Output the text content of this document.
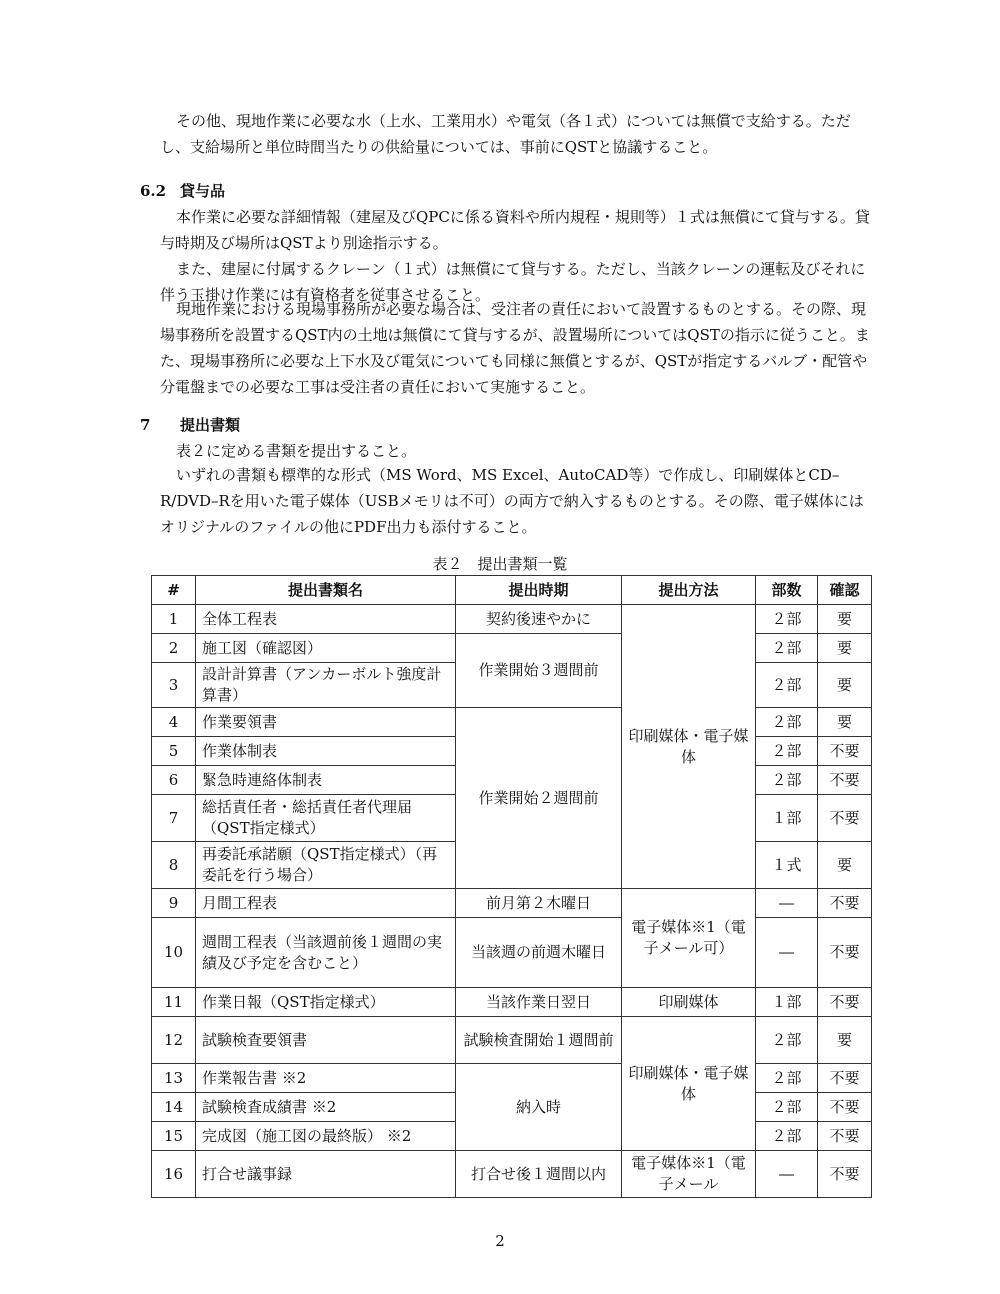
その他、現地作業に必要な水（上水、工業用水）や電気（各１式）については無償で支給する。ただし、支給場所と単位時間当たりの供給量については、事前にQSTと協議すること。

6.2 貸与品

本作業に必要な詳細情報（建屋及びQPCに係る資料や所内規程・規則等）１式は無償にて貸与する。貸与時期及び場所はQSTより別途指示する。

また、建屋に付属するクレーン（１式）は無償にて貸与する。ただし、当該クレーンの運転及びそれに伴う玉掛け作業には有資格者を従事させること。

現地作業における現場事務所が必要な場合は、受注者の責任において設置するものとする。その際、現場事務所を設置するQST内の土地は無償にて貸与するが、設置場所についてはQSTの指示に従うこと。また、現場事務所に必要な上下水及び電気についても同様に無償とするが、QSTが指定するバルブ・配管や分電盤までの必要な工事は受注者の責任において実施すること。

7 提出書類

表２に定める書類を提出すること。

いずれの書類も標準的な形式（MS Word、MS Excel、AutoCAD等）で作成し、印刷媒体とCD–R/DVD–Rを用いた電子媒体（USBメモリは不可）の両方で納入するものとする。その際、電子媒体にはオリジナルのファイルの他にPDF出力も添付すること。

表２　提出書類一覧
#	提出書類名	提出時期	提出方法	部数	確認
1	全体工程表	契約後速やかに	印刷媒体・電子媒体	２部	要
2	施工図（確認図）	作業開始３週間前		２部	要
3	設計計算書（アンカーボルト強度計算書）			２部	要
4	作業要領書	作業開始２週間前		２部	要
5	作業体制表			２部	不要
6	緊急時連絡体制表			２部	不要
7	総括責任者・総括責任者代理届（QST指定様式）			１部	不要
8	再委託承諾願（QST指定様式）（再委託を行う場合）			１式	要
9	月間工程表	前月第２木曜日	電子媒体※1（電子メール可）	―	不要
10	週間工程表（当該週前後１週間の実績及び予定を含むこと）	当該週の前週木曜日		―	不要
11	作業日報（QST指定様式）	当該作業日翌日	印刷媒体	１部	不要
12	試験検査要領書	試験検査開始１週間前	印刷媒体・電子媒体	２部	要
13	作業報告書 ※2	納入時		２部	不要
14	試験検査成績書 ※2			２部	不要
15	完成図（施工図の最終版） ※2			２部	不要
16	打合せ議事録	打合せ後１週間以内	電子媒体※1（電子メール	―	不要
2
